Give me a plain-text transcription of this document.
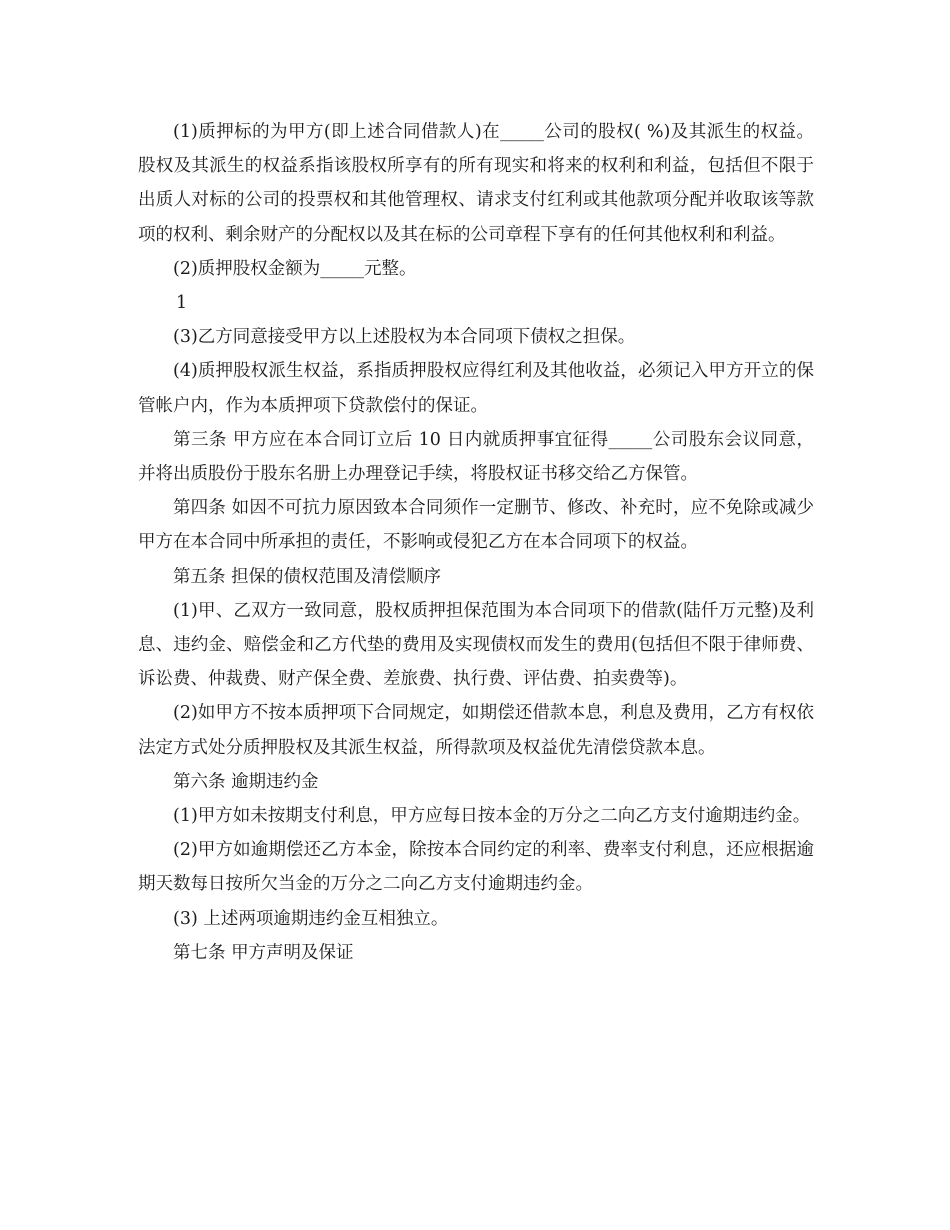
(1)质押标的为甲方(即上述合同借款人)在_____公司的股权( %)及其派生的权益。股权及其派生的权益系指该股权所享有的所有现实和将来的权利和利益，包括但不限于出质人对标的公司的投票权和其他管理权、请求支付红利或其他款项分配并收取该等款项的权利、剩余财产的分配权以及其在标的公司章程下享有的任何其他权利和利益。

(2)质押股权金额为_____元整。

1

(3)乙方同意接受甲方以上述股权为本合同项下债权之担保。

(4)质押股权派生权益，系指质押股权应得红利及其他收益，必须记入甲方开立的保管帐户内，作为本质押项下贷款偿付的保证。

第三条 甲方应在本合同订立后 10 日内就质押事宜征得_____公司股东会议同意，并将出质股份于股东名册上办理登记手续，将股权证书移交给乙方保管。

第四条 如因不可抗力原因致本合同须作一定删节、修改、补充时，应不免除或减少甲方在本合同中所承担的责任，不影响或侵犯乙方在本合同项下的权益。

第五条 担保的债权范围及清偿顺序

(1)甲、乙双方一致同意，股权质押担保范围为本合同项下的借款(陆仟万元整)及利息、违约金、赔偿金和乙方代垫的费用及实现债权而发生的费用(包括但不限于律师费、诉讼费、仲裁费、财产保全费、差旅费、执行费、评估费、拍卖费等)。

(2)如甲方不按本质押项下合同规定，如期偿还借款本息，利息及费用，乙方有权依法定方式处分质押股权及其派生权益，所得款项及权益优先清偿贷款本息。

第六条 逾期违约金

(1)甲方如未按期支付利息，甲方应每日按本金的万分之二向乙方支付逾期违约金。

(2)甲方如逾期偿还乙方本金，除按本合同约定的利率、费率支付利息，还应根据逾期天数每日按所欠当金的万分之二向乙方支付逾期违约金。

(3) 上述两项逾期违约金互相独立。

第七条 甲方声明及保证
